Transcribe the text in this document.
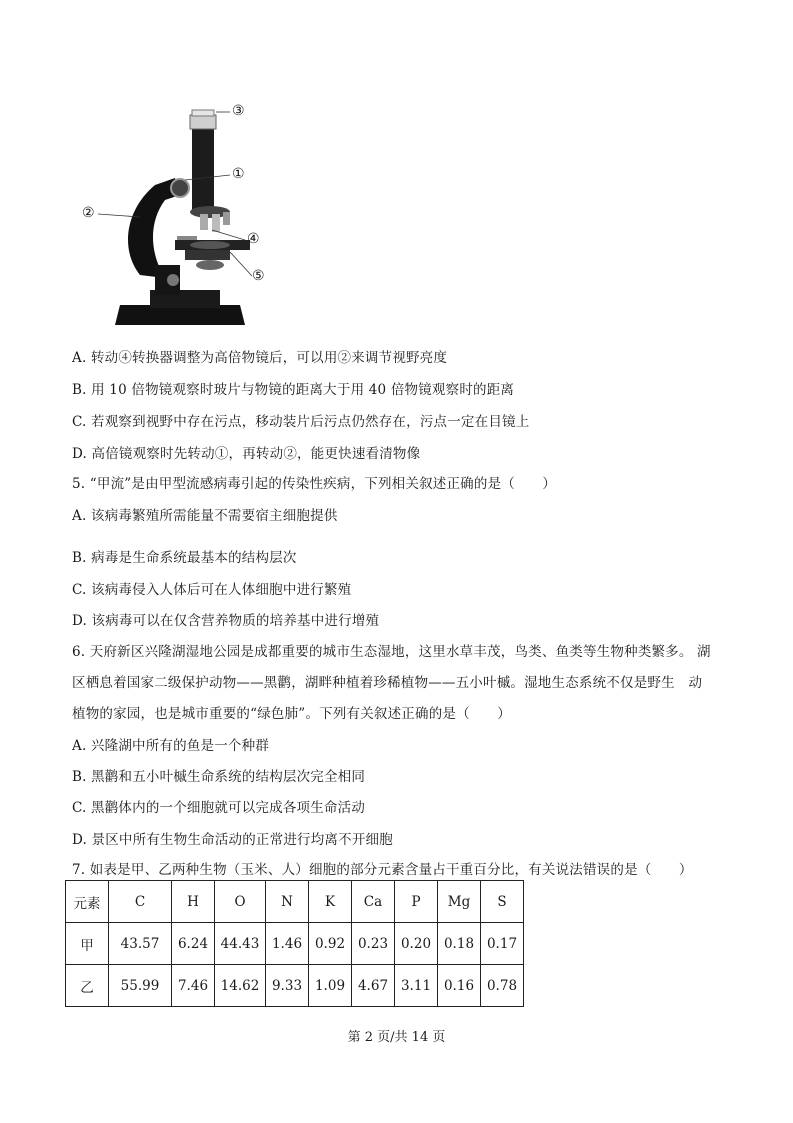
③
①
②
④
⑤
A. 转动④转换器调整为高倍物镜后，可以用②来调节视野亮度
B. 用 10 倍物镜观察时玻片与物镜的距离大于用 40 倍物镜观察时的距离
C. 若观察到视野中存在污点，移动装片后污点仍然存在，污点一定在目镜上
D. 高倍镜观察时先转动①，再转动②，能更快速看清物像
5. “甲流”是由甲型流感病毒引起的传染性疾病，下列相关叙述正确的是（　　）
A. 该病毒繁殖所需能量不需要宿主细胞提供
B. 病毒是生命系统最基本的结构层次
C. 该病毒侵入人体后可在人体细胞中进行繁殖
D. 该病毒可以在仅含营养物质的培养基中进行增殖
6. 天府新区兴隆湖湿地公园是成都重要的城市生态湿地，这里水草丰茂，鸟类、鱼类等生物种类繁多。 湖
区栖息着国家二级保护动物——黑鹳，湖畔种植着珍稀植物——五小叶槭。湿地生态系统不仅是野生　动
植物的家园，也是城市重要的“绿色肺”。下列有关叙述正确的是（　　）
A. 兴隆湖中所有的鱼是一个种群
B. 黑鹳和五小叶槭生命系统的结构层次完全相同
C. 黑鹳体内的一个细胞就可以完成各项生命活动
D. 景区中所有生物生命活动的正常进行均离不开细胞
7. 如表是甲、乙两种生物（玉米、人）细胞的部分元素含量占干重百分比，有关说法错误的是（　　）
元素	C	H	O	N	K	Ca	P	Mg	S
甲	43.57	6.24	44.43	1.46	0.92	0.23	0.20	0.18	0.17
乙	55.99	7.46	14.62	9.33	1.09	4.67	3.11	0.16	0.78
第 2 页/共 14 页
